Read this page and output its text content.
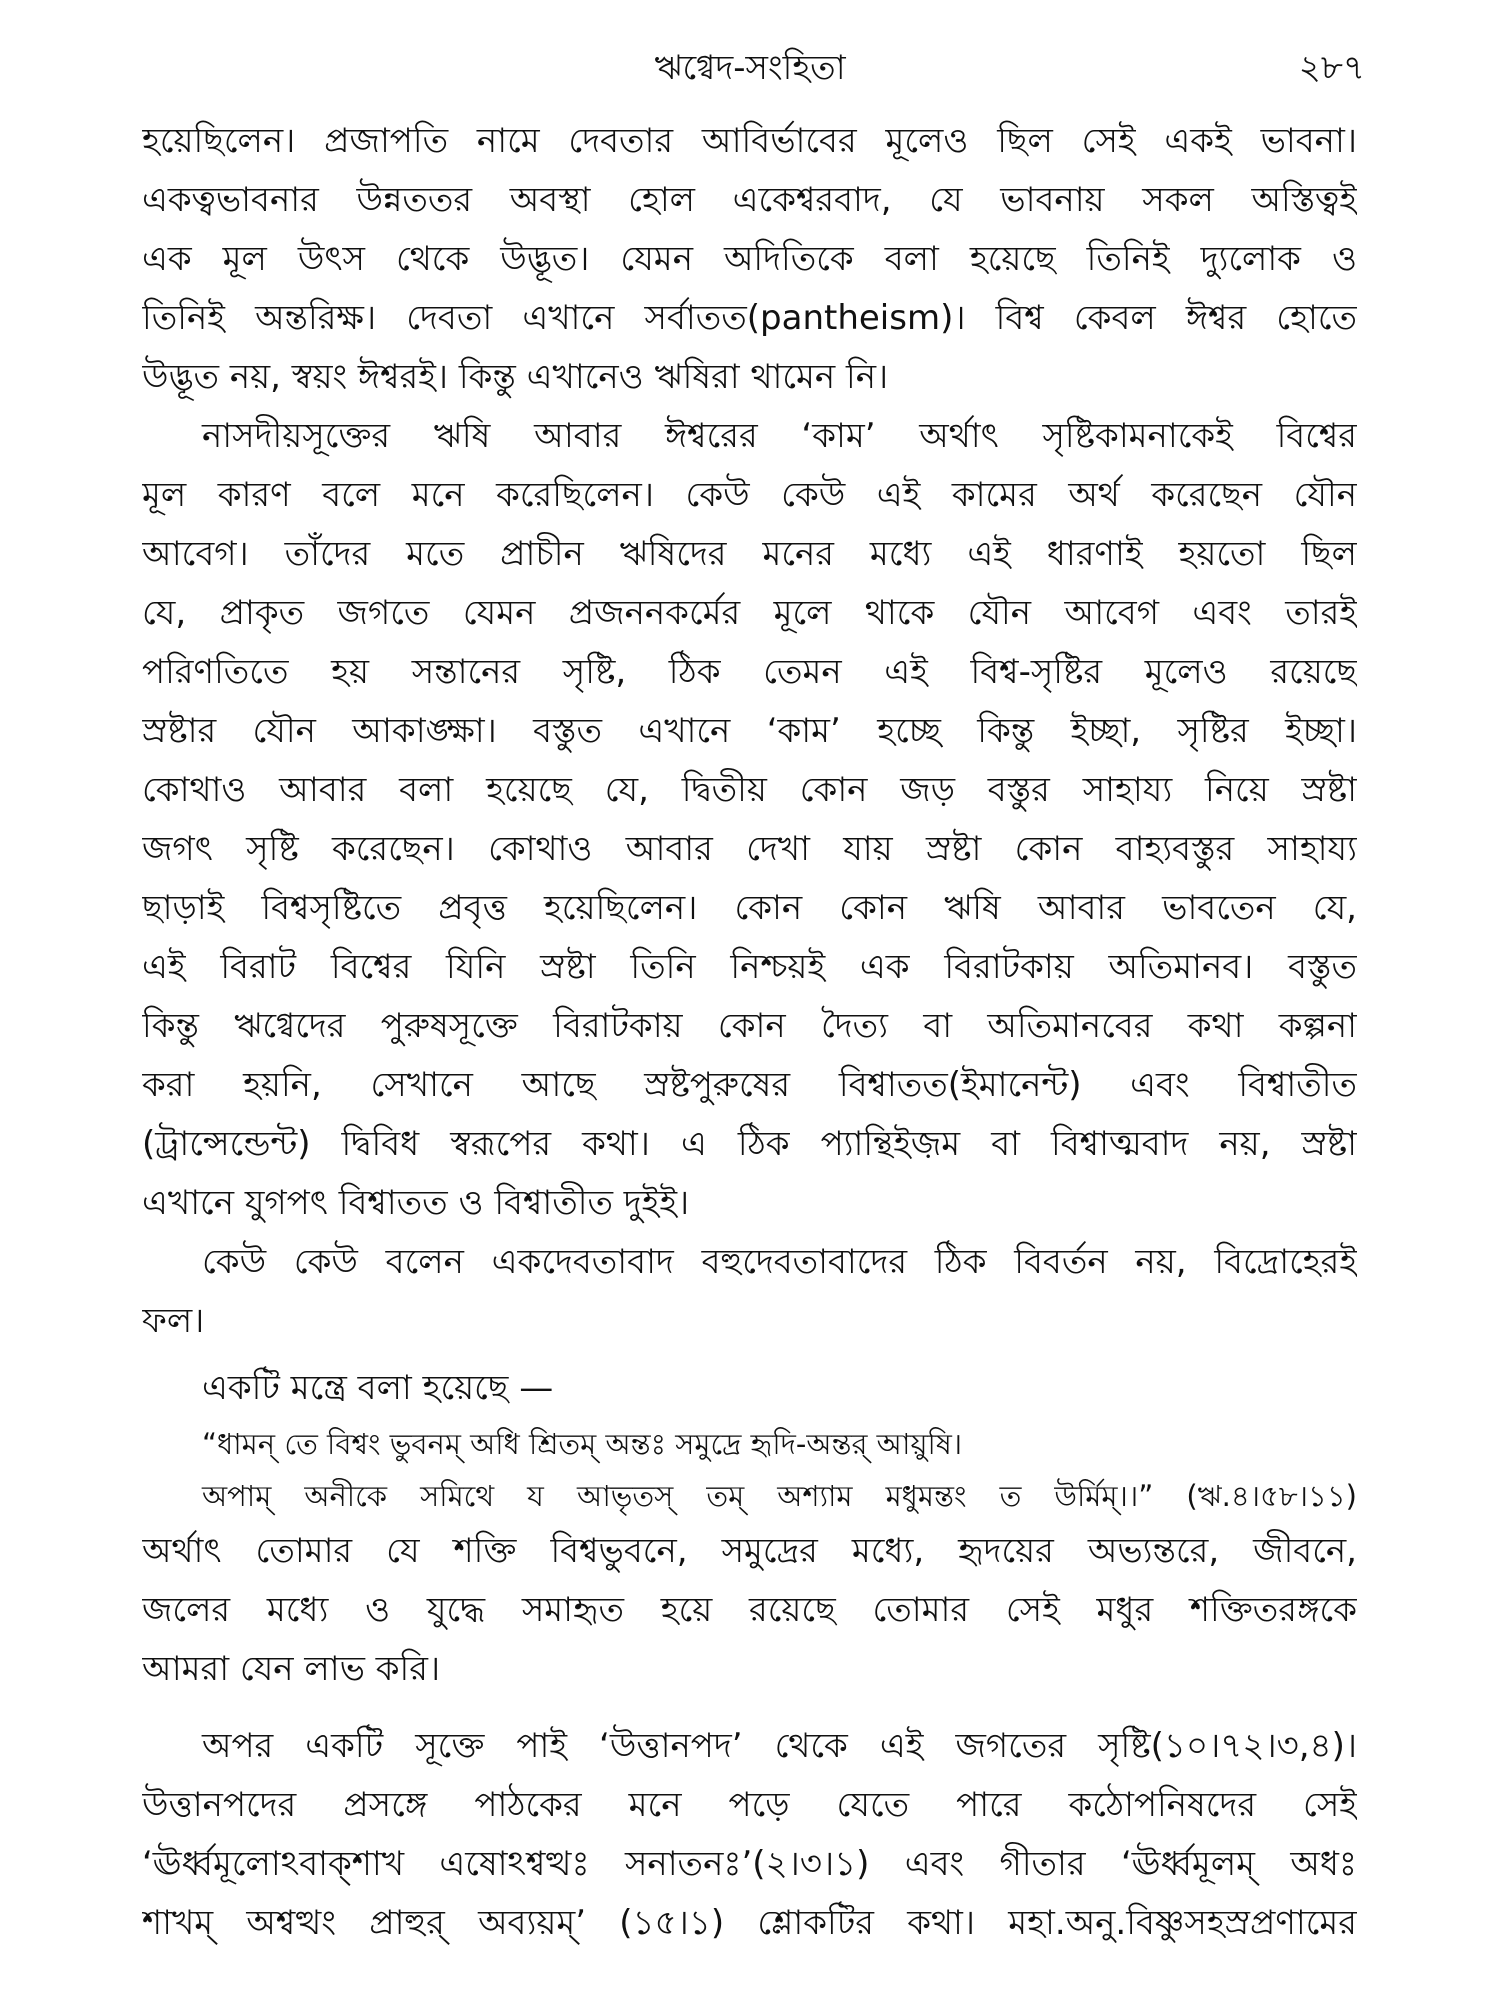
ঋগ্বেদ-সংহিতা	২৮৭
হয়েছিলেন। প্রজাপতি নামে দেবতার আবির্ভাবের মূলেও ছিল সেই একই ভাবনা।
একত্বভাবনার উন্নততর অবস্থা হোল একেশ্বরবাদ, যে ভাবনায় সকল অস্তিত্বই
এক মূল উৎস থেকে উদ্ভূত। যেমন অদিতিকে বলা হয়েছে তিনিই দ্যুলোক ও
তিনিই অন্তরিক্ষ। দেবতা এখানে সর্বাতত(pantheism)। বিশ্ব কেবল ঈশ্বর হোতে
উদ্ভূত নয়, স্বয়ং ঈশ্বরই। কিন্তু এখানেও ঋষিরা থামেন নি।
নাসদীয়সূক্তের ঋষি আবার ঈশ্বরের ‘কাম’ অর্থাৎ সৃষ্টিকামনাকেই বিশ্বের
মূল কারণ বলে মনে করেছিলেন। কেউ কেউ এই কামের অর্থ করেছেন যৌন
আবেগ। তাঁদের মতে প্রাচীন ঋষিদের মনের মধ্যে এই ধারণাই হয়তো ছিল
যে, প্রাকৃত জগতে যেমন প্রজননকর্মের মূলে থাকে যৌন আবেগ এবং তারই
পরিণতিতে হয় সন্তানের সৃষ্টি, ঠিক তেমন এই বিশ্ব-সৃষ্টির মূলেও রয়েছে
স্রষ্টার যৌন আকাঙ্ক্ষা। বস্তুত এখানে ‘কাম’ হচ্ছে কিন্তু ইচ্ছা, সৃষ্টির ইচ্ছা।
কোথাও আবার বলা হয়েছে যে, দ্বিতীয় কোন জড় বস্তুর সাহায্য নিয়ে স্রষ্টা
জগৎ সৃষ্টি করেছেন। কোথাও আবার দেখা যায় স্রষ্টা কোন বাহ্যবস্তুর সাহায্য
ছাড়াই বিশ্বসৃষ্টিতে প্রবৃত্ত হয়েছিলেন। কোন কোন ঋষি আবার ভাবতেন যে,
এই বিরাট বিশ্বের যিনি স্রষ্টা তিনি নিশ্চয়ই এক বিরাটকায় অতিমানব। বস্তুত
কিন্তু ঋগ্বেদের পুরুষসূক্তে বিরাটকায় কোন দৈত্য বা অতিমানবের কথা কল্পনা
করা হয়নি, সেখানে আছে স্রষ্টপুরুষের বিশ্বাতত(ইমানেন্ট) এবং বিশ্বাতীত
(ট্রান্সেন্ডেন্ট) দ্বিবিধ স্বরূপের কথা। এ ঠিক প্যান্থিইজ়ম বা বিশ্বাত্মবাদ নয়, স্রষ্টা
এখানে যুগপৎ বিশ্বাতত ও বিশ্বাতীত দুইই।
কেউ কেউ বলেন একদেবতাবাদ বহুদেবতাবাদের ঠিক বিবর্তন নয়, বিদ্রোহেরই
ফল।
একটি মন্ত্রে বলা হয়েছে —
“ধামন্ তে বিশ্বং ভুবনম্ অধি শ্রিতম্ অন্তঃ সমুদ্রে হৃদি-অন্তর্ আয়ুষি।
অপাম্ অনীকে সমিথে য আভৃতস্ তম্ অশ্যাম মধুমন্তং ত উর্মিম্।।” (ঋ.৪।৫৮।১১)
অর্থাৎ তোমার যে শক্তি বিশ্বভুবনে, সমুদ্রের মধ্যে, হৃদয়ের অভ্যন্তরে, জীবনে,
জলের মধ্যে ও যুদ্ধে সমাহৃত হয়ে রয়েছে তোমার সেই মধুর শক্তিতরঙ্গকে
আমরা যেন লাভ করি।
অপর একটি সূক্তে পাই ‘উত্তানপদ’ থেকে এই জগতের সৃষ্টি(১০।৭২।৩,৪)।
উত্তানপদের প্রসঙ্গে পাঠকের মনে পড়ে যেতে পারে কঠোপনিষদের সেই
‘ঊর্ধ্বমূলোঽবাক্‌শাখ এষোঽশ্বত্থঃ সনাতনঃ’(২।৩।১) এবং গীতার ‘ঊর্ধ্বমূলম্ অধঃ
শাখম্ অশ্বত্থং প্রাহুর্ অব্যয়ম্’ (১৫।১) শ্লোকটির কথা। মহা.অনু.বিষ্ণুসহস্রপ্রণামের
